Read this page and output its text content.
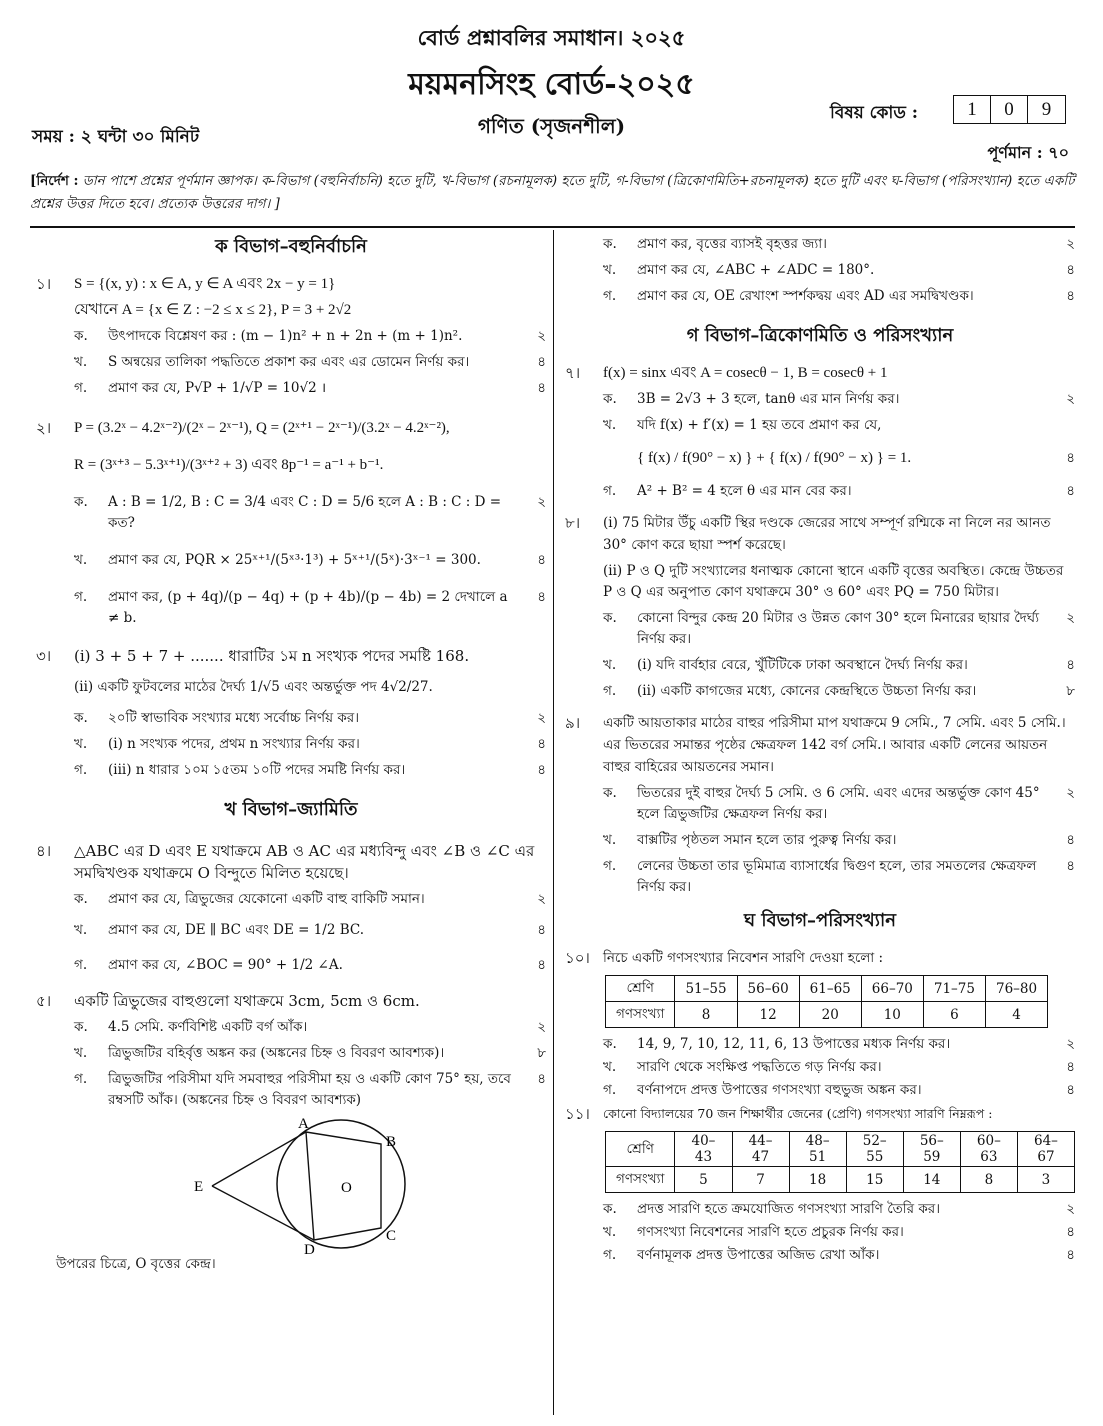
বোর্ড প্রশ্নাবলির সমাধান। ২০২৫
ময়মনসিংহ বোর্ড-২০২৫
গণিত (সৃজনশীল)
সময় : ২ ঘন্টা ৩০ মিনিট
বিষয় কোড :	1	0	9
পূর্ণমান : ৭০
[নির্দেশ : ডান পাশে প্রশ্নের পূর্ণমান জ্ঞাপক। ক-বিভাগ (বহুনির্বাচনি) হতে দুটি, খ-বিভাগ (রচনামূলক) হতে দুটি, গ-বিভাগ (ত্রিকোণমিতি+রচনামূলক) হতে দুটি এবং ঘ-বিভাগ (পরিসংখ্যান) হতে একটি প্রশ্নের উত্তর দিতে হবে। প্রত্যেক উত্তরের দাগ। ]
ক বিভাগ–বহুনির্বাচনি
১।	S = {(x, y) : x ∈ A, y ∈ A এবং 2x − y = 1}
যেখানে A = {x ∈ Z : −2 ≤ x ≤ 2}, P = 3 + 2√2
ক.	উৎপাদকে বিশ্লেষণ কর : (m − 1)n² + n + 2n + (m + 1)n².	২
খ.	S অন্বয়ের তালিকা পদ্ধতিতে প্রকাশ কর এবং এর ডোমেন নির্ণয় কর।	৪
গ.	প্রমাণ কর যে, P√P + 1/√P = 10√2 ।	৪
২।	P = (3.2ˣ − 4.2ˣ⁻²)/(2ˣ − 2ˣ⁻¹), Q = (2ˣ⁺¹ − 2ˣ⁻¹)/(3.2ˣ − 4.2ˣ⁻²),
R = (3ˣ⁺³ − 5.3ˣ⁺¹)/(3ˣ⁺² + 3) এবং 8p⁻¹ = a⁻¹ + b⁻¹.
ক.	A : B = 1/2, B : C = 3/4 এবং C : D = 5/6 হলে A : B : C : D = কত?
২
খ.	প্রমাণ কর যে, PQR × 25ˣ⁺¹/(5ˣ³·1³) + 5ˣ⁺¹/(5ˣ)·3ˣ⁻¹ = 300.	৪
গ.	প্রমাণ কর, (p + 4q)/(p − 4q) + (p + 4b)/(p − 4b) = 2 দেখালে a ≠ b.
৪
৩।	(i) 3 + 5 + 7 + ....... ধারাটির ১ম n সংখ্যক পদের সমষ্টি 168.
(ii) একটি ফুটবলের মাঠের দৈর্ঘ্য 1/√5 এবং অন্তর্ভুক্ত পদ 4√2/27.
ক.	২০টি স্বাভাবিক সংখ্যার মধ্যে সর্বোচ্চ নির্ণয় কর।	২
খ.	(i) n সংখ্যক পদের, প্রথম n সংখ্যার নির্ণয় কর।	৪
গ.	(iii) n ধারার ১০ম ১৫তম ১০টি পদের সমষ্টি নির্ণয় কর।	৪
খ বিভাগ–জ্যামিতি
৪।	△ABC এর D এবং E যথাক্রমে AB ও AC এর মধ্যবিন্দু এবং ∠B ও ∠C এর সমদ্বিখণ্ডক যথাক্রমে O বিন্দুতে মিলিত হয়েছে।
ক.	প্রমাণ কর যে, ত্রিভুজের যেকোনো একটি বাহু বাকিটি সমান।	২
খ.	প্রমাণ কর যে, DE ∥ BC এবং DE = 1/2 BC.	৪
গ.	প্রমাণ কর যে, ∠BOC = 90° + 1/2 ∠A.	৪
৫।	একটি ত্রিভুজের বাহুগুলো যথাক্রমে 3cm, 5cm ও 6cm.
ক.	4.5 সেমি. কর্ণবিশিষ্ট একটি বর্গ আঁক।	২
খ.	ত্রিভুজটির বহির্বৃত্ত অঙ্কন কর (অঙ্কনের চিহ্ন ও বিবরণ আবশ্যক)।	৮
গ.	ত্রিভুজটির পরিসীমা যদি সমবাহুর পরিসীমা হয় ও একটি কোণ 75° হয়, তবে রম্বসটি আঁক। (অঙ্কনের চিহ্ন ও বিবরণ আবশ্যক)
৪
A
B
C
D
E	O
উপরের চিত্রে, O বৃত্তের কেন্দ্র।
ক.	প্রমাণ কর, বৃত্তের ব্যাসই বৃহত্তর জ্যা।	২
খ.	প্রমাণ কর যে, ∠ABC + ∠ADC = 180°.	৪
গ.	প্রমাণ কর যে, OE রেখাংশ স্পর্শকদ্বয় এবং AD এর সমদ্বিখণ্ডক।	৪
গ বিভাগ–ত্রিকোণমিতি ও পরিসংখ্যান
৭।	f(x) = sinx এবং A = cosecθ − 1, B = cosecθ + 1
ক.	3B = 2√3 + 3 হলে, tanθ এর মান নির্ণয় কর।	২
খ.	যদি f(x) + f′(x) = 1 হয় তবে প্রমাণ কর যে,
{ f(x) / f(90° − x) } + { f(x) / f(90° − x) } = 1.	৪
গ.	A² + B² = 4 হলে θ এর মান বের কর।	৪
৮।	(i) 75 মিটার উঁচু একটি স্থির দণ্ডকে জেরের সাথে সম্পূর্ণ রশ্মিকে না নিলে নর আনত 30° কোণ করে ছায়া স্পর্শ করেছে।
(ii) P ও Q দুটি সংখ্যালের ধনাত্মক কোনো স্থানে একটি বৃত্তের অবস্থিত। কেন্দ্রে উচ্চতর P ও Q এর অনুপাত কোণ যথাক্রমে 30° ও 60° এবং PQ = 750 মিটার।
ক.	কোনো বিন্দুর কেন্দ্র 20 মিটার ও উন্নত কোণ 30° হলে মিনারের ছায়ার দৈর্ঘ্য নির্ণয় কর।
২
খ.	(i) যদি বার্বহার বেরে, খুঁটিটিকে ঢাকা অবস্থানে দৈর্ঘ্য নির্ণয় কর।	৪
গ.	(ii) একটি কাগজের মধ্যে, কোনের কেন্দ্রস্থিতে উচ্চতা নির্ণয় কর।	৮
৯।	একটি আয়তাকার মাঠের বাহুর পরিসীমা মাপ যথাক্রমে 9 সেমি., 7 সেমি. এবং 5 সেমি.। এর ভিতরের সমান্তর পৃষ্ঠের ক্ষেত্রফল 142 বর্গ সেমি.। আবার একটি লেনের আয়তন বাহুর বাহিরের আয়তনের সমান।
ক.	ভিতরের দুই বাহুর দৈর্ঘ্য 5 সেমি. ও 6 সেমি. এবং এদের অন্তর্ভুক্ত কোণ 45° হলে ত্রিভুজটির ক্ষেত্রফল নির্ণয় কর।
২
খ.	বাক্সটির পৃষ্ঠতল সমান হলে তার পুরুত্ব নির্ণয় কর।	৪
গ.	লেনের উচ্চতা তার ভূমিমাত্র ব্যাসার্ধের দ্বিগুণ হলে, তার সমতলের ক্ষেত্রফল নির্ণয় কর।
৪
ঘ বিভাগ–পরিসংখ্যান
১০। নিচে একটি গণসংখ্যার নিবেশন সারণি দেওয়া হলো :
শ্রেণি	51–55	56–60	61–65	66–70	71–75	76–80
গণসংখ্যা	8	12	20	10	6	4
ক.	14, 9, 7, 10, 12, 11, 6, 13 উপাত্তের মধ্যক নির্ণয় কর।	২
খ.	সারণি থেকে সংক্ষিপ্ত পদ্ধতিতে গড় নির্ণয় কর।	৪
গ.	বর্ণনাপদে প্রদত্ত উপাত্তের গণসংখ্যা বহুভুজ অঙ্কন কর।	৪
১১।	কোনো বিদ্যালয়ের 70 জন শিক্ষার্থীর জেনের (প্রেণি) গণসংখ্যা সারণি নিম্নরূপ :
শ্রেণি	40–43	44–47	48–51	52–55	56–59	60–63	64–67
গণসংখ্যা	5	7	18	15	14	8	3
ক.	প্রদত্ত সারণি হতে ক্রমযোজিত গণসংখ্যা সারণি তৈরি কর।	২
খ.	গণসংখ্যা নিবেশনের সারণি হতে প্রচুরক নির্ণয় কর।	৪
গ.	বর্ণনামূলক প্রদত্ত উপাত্তের অজিভ রেখা আঁক।	৪
